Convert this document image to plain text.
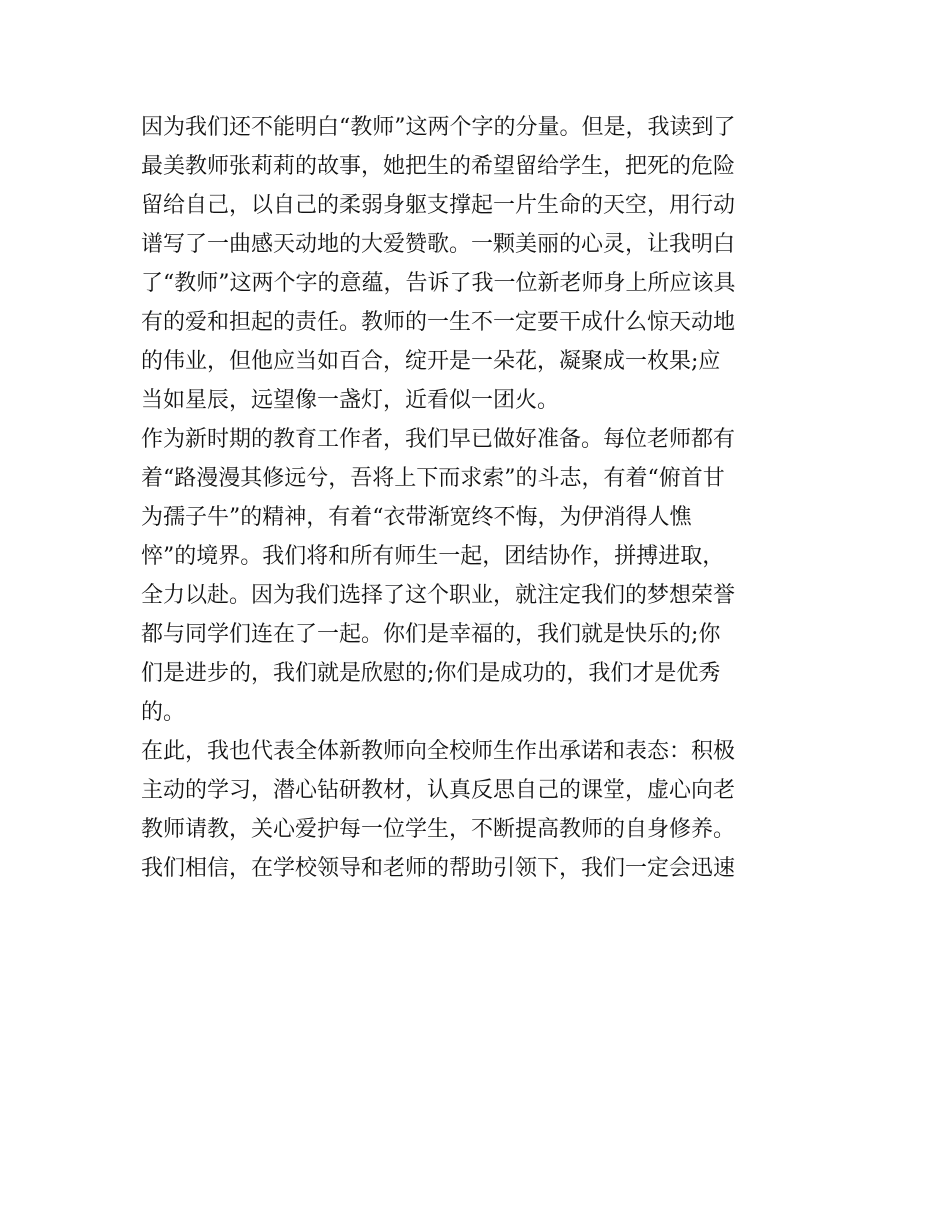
因为我们还不能明白“教师”这两个字的分量。但是，我读到了
最美教师张莉莉的故事，她把生的希望留给学生，把死的危险
留给自己，以自己的柔弱身躯支撑起一片生命的天空，用行动
谱写了一曲感天动地的大爱赞歌。一颗美丽的心灵，让我明白
了“教师”这两个字的意蕴，告诉了我一位新老师身上所应该具
有的爱和担起的责任。教师的一生不一定要干成什么惊天动地
的伟业，但他应当如百合，绽开是一朵花，凝聚成一枚果;应
当如星辰，远望像一盏灯，近看似一团火。
作为新时期的教育工作者，我们早已做好准备。每位老师都有
着“路漫漫其修远兮，吾将上下而求索”的斗志，有着“俯首甘
为孺子牛”的精神，有着“衣带渐宽终不悔，为伊消得人憔
悴”的境界。我们将和所有师生一起，团结协作，拼搏进取，
全力以赴。因为我们选择了这个职业，就注定我们的梦想荣誉
都与同学们连在了一起。你们是幸福的，我们就是快乐的;你
们是进步的，我们就是欣慰的;你们是成功的，我们才是优秀
的。
在此，我也代表全体新教师向全校师生作出承诺和表态：积极
主动的学习，潜心钻研教材，认真反思自己的课堂，虚心向老
教师请教，关心爱护每一位学生，不断提高教师的自身修养。
我们相信，在学校领导和老师的帮助引领下，我们一定会迅速
